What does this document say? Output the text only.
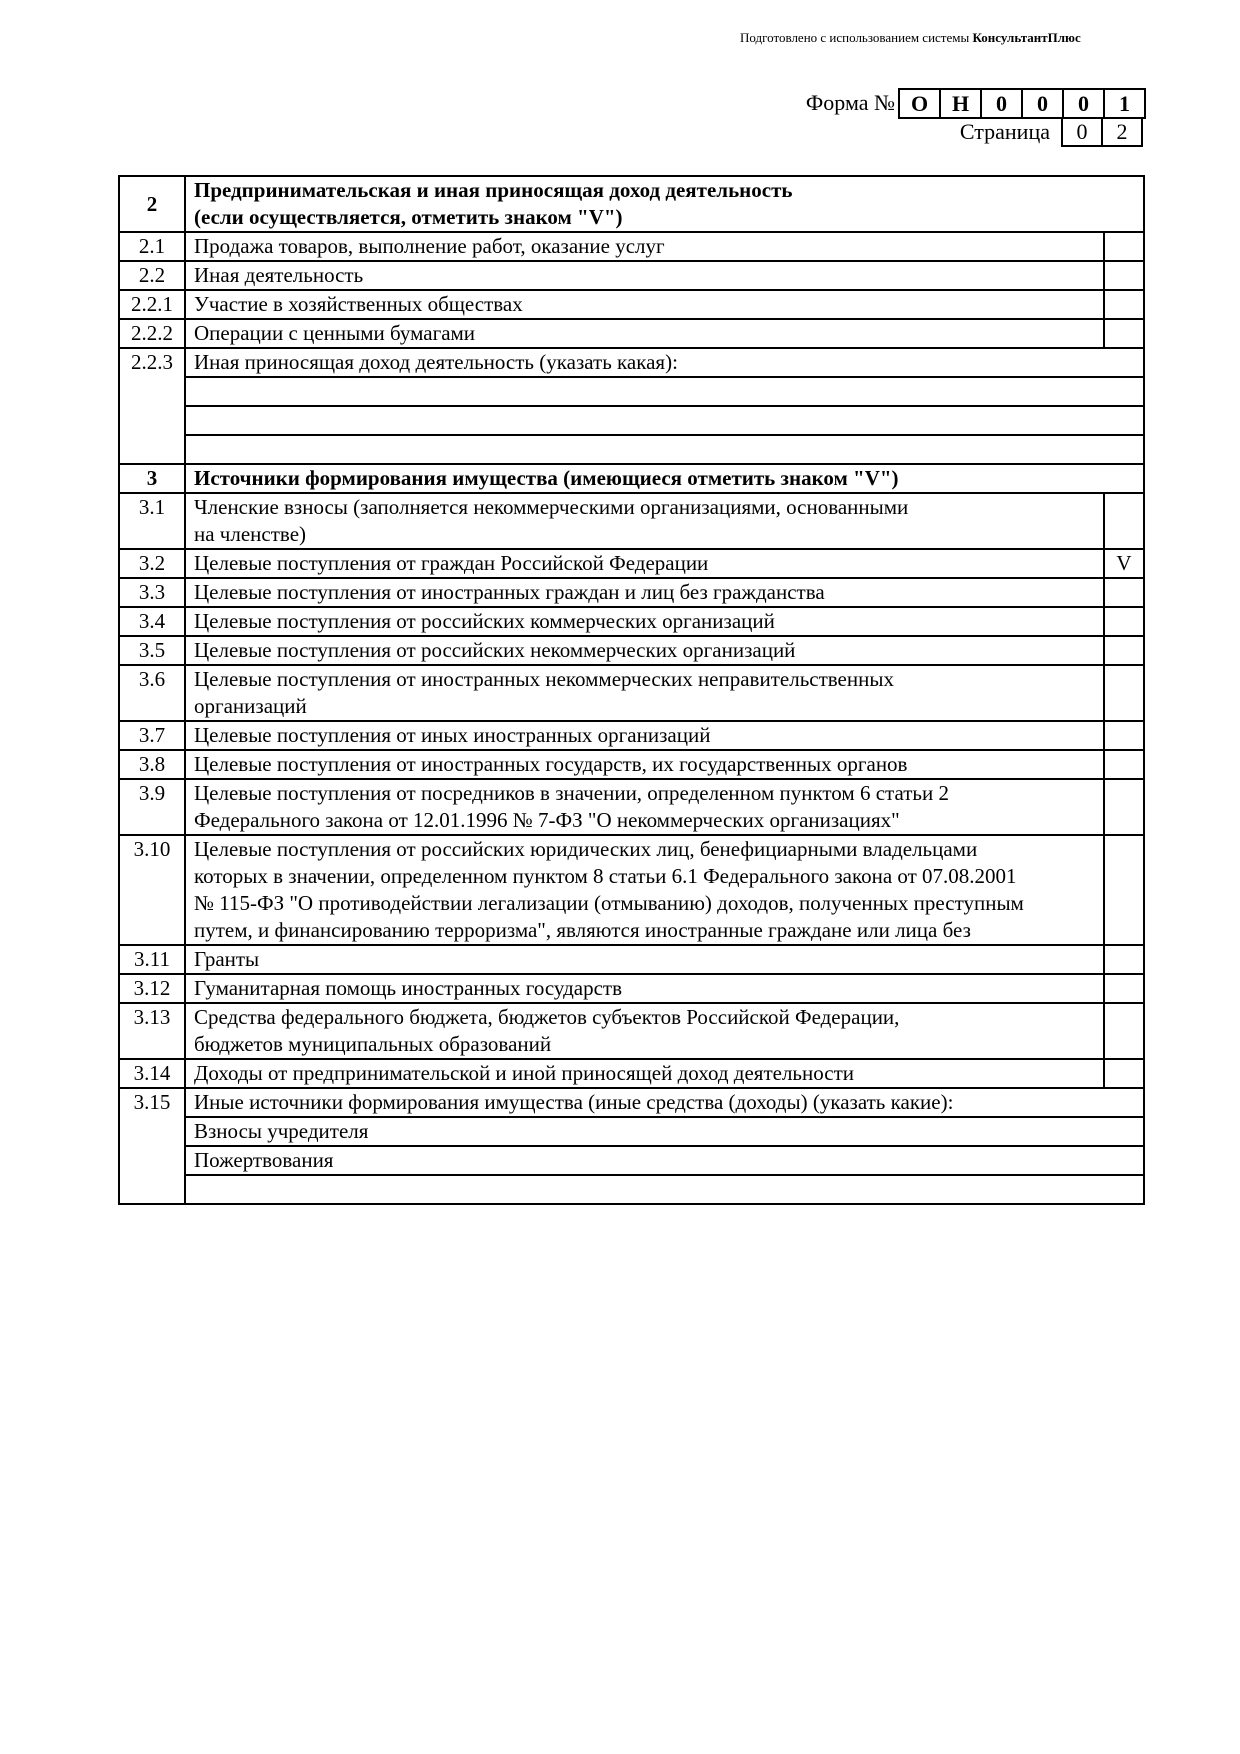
Подготовлено с использованием системы КонсультантПлюс
Форма № О	Н	0	0	0	1
Страница 0	2
2	Предпринимательская и иная приносящая доход деятельность
(если осуществляется, отметить знаком "V")	

2.1	Продажа товаров, выполнение работ, оказание услуг	
2.2	Иная деятельность	
2.2.1	Участие в хозяйственных обществах	
2.2.2	Операции с ценными бумагами	
2.2.3	Иная приносящая доход деятельность (указать какая):	

3	Источники формирования имущества (имеющиеся отметить знаком "V")	
3.1	Членские взносы (заполняется некоммерческими организациями, основанными
на членстве)	

3.2	Целевые поступления от граждан Российской Федерации	V
3.3	Целевые поступления от иностранных граждан и лиц без гражданства	
3.4	Целевые поступления от российских коммерческих организаций	
3.5	Целевые поступления от российских некоммерческих организаций	
3.6	Целевые поступления от иностранных некоммерческих неправительственных
организаций	

3.7	Целевые поступления от иных иностранных организаций	
3.8	Целевые поступления от иностранных государств, их государственных органов	
3.9	Целевые поступления от посредников в значении, определенном пунктом 6 статьи 2
Федерального закона от 12.01.1996 № 7-ФЗ "О некоммерческих организациях"	

3.10	Целевые поступления от российских юридических лиц, бенефициарными владельцами
которых в значении, определенном пунктом 8 статьи 6.1 Федерального закона от 07.08.2001
№ 115-ФЗ "О противодействии легализации (отмыванию) доходов, полученных преступным
путем, и финансированию терроризма", являются иностранные граждане или лица без	

3.11	Гранты	
3.12	Гуманитарная помощь иностранных государств	
3.13	Средства федерального бюджета, бюджетов субъектов Российской Федерации,
бюджетов муниципальных образований	

3.14	Доходы от предпринимательской и иной приносящей доход деятельности	
3.15	Иные источники формирования имущества (иные средства (доходы) (указать какие):	
	Взносы учредителя	
	Пожертвования	
